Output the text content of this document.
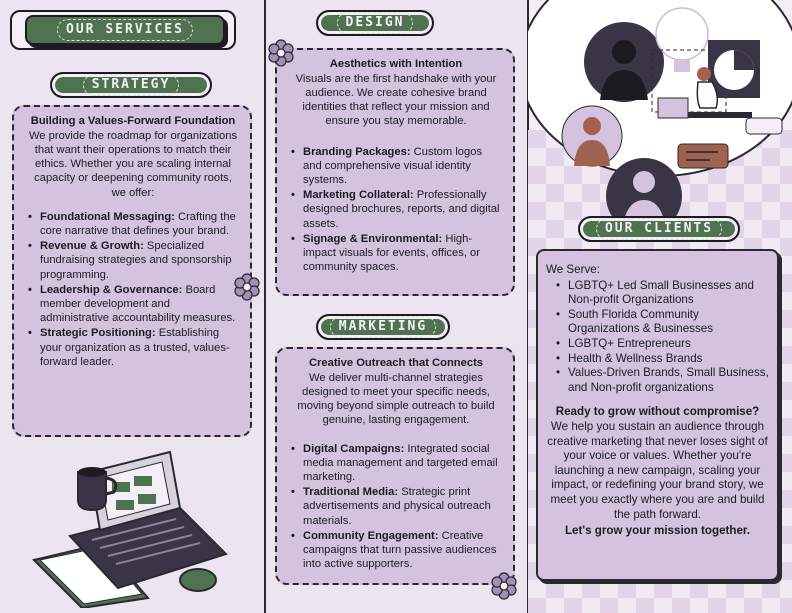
OUR SERVICES
STRATEGY
Building a Values-Forward Foundation

We provide the roadmap for organizations that want their operations to match their ethics. Whether you are scaling internal capacity or deepening community roots, we offer:

• Foundational Messaging: Crafting the core narrative that defines your brand.
• Revenue & Growth: Specialized fundraising strategies and sponsorship programming.
• Leadership & Governance: Board member development and administrative accountability measures.
• Strategic Positioning: Establishing your organization as a trusted, values-forward leader.
DESIGN
Aesthetics with Intention

Visuals are the first handshake with your audience. We create cohesive brand identities that reflect your mission and ensure you stay memorable.

• Branding Packages: Custom logos and comprehensive visual identity systems.
• Marketing Collateral: Professionally designed brochures, reports, and digital assets.
• Signage & Environmental: High-impact visuals for events, offices, or community spaces.
MARKETING
Creative Outreach that Connects

We deliver multi-channel strategies designed to meet your specific needs, moving beyond simple outreach to build genuine, lasting engagement.

• Digital Campaigns: Integrated social media management and targeted email marketing.
• Traditional Media: Strategic print advertisements and physical outreach materials.
• Community Engagement: Creative campaigns that turn passive audiences into active supporters.
OUR CLIENTS

We Serve:

• LGBTQ+ Led Small Businesses and Non-profit Organizations
• South Florida Community Organizations & Businesses
• LGBTQ+ Entrepreneurs
• Health & Wellness Brands
• Values-Driven Brands, Small Business, and Non-profit organizations
Ready to grow without compromise?

We help you sustain an audience through creative marketing that never loses sight of your voice or values. Whether you're launching a new campaign, scaling your impact, or redefining your brand story, we meet you exactly where you are and build the path forward.

Let's grow your mission together.
